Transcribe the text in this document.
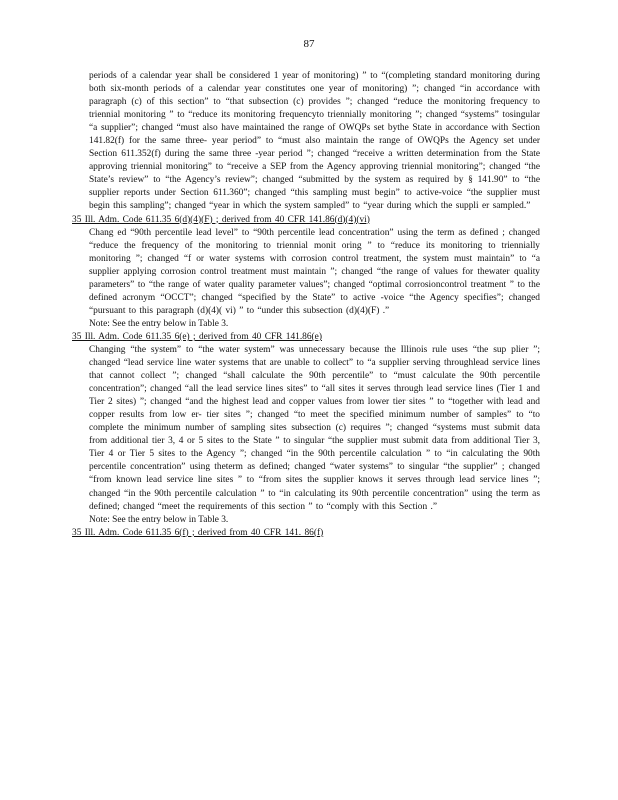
87

periods of a calendar year shall be considered 1 year of monitoring) ” to “(completing standard monitoring during both six-month periods of a calendar year constitutes one year of monitoring) ”; changed “in accordance with paragraph (c) of this section” to “that subsection (c) provides ”; changed “reduce the monitoring frequency to triennial monitoring ” to “reduce its monitoring frequencyto triennially monitoring ”; changed “systems” tosingular “a supplier”; changed “must also have maintained the range of OWQPs set bythe State in accordance with Section 141.82(f) for the same three- year period” to “must also maintain the range of OWQPs the Agency set under Section 611.352(f) during the same three -year period ”; changed “receive a written determination from the State approving triennial monitoring” to “receive a SEP from the Agency approving triennial monitoring”; changed “the State’s review” to “the Agency’s review”; changed “submitted by the system as required by § 141.90” to “the supplier reports under Section 611.360”; changed “this sampling must begin” to active-voice “the supplier must begin this sampling”; changed “year in which the system sampled” to “year during which the suppli er sampled.”

35 Ill. Adm. Code 611.35 6(d)(4)(F) ; derived from 40 CFR 141.86(d)(4)(vi)

Chang ed “90th percentile lead level” to “90th percentile lead concentration” using the term as defined ; changed “reduce the frequency of the monitoring to triennial monit oring ” to “reduce its monitoring to triennially monitoring ”; changed “f or water systems with corrosion control treatment, the system must maintain” to “a supplier applying corrosion control treatment must maintain ”; changed “the range of values for thewater quality parameters” to “the range of water quality parameter values”; changed “optimal corrosioncontrol treatment ” to the defined acronym “OCCT”; changed “specified by the State” to active -voice “the Agency specifies”; changed “pursuant to this paragraph (d)(4)( vi) ” to “under this subsection (d)(4)(F) .”

Note: See the entry below in Table 3.

35 Ill. Adm. Code 611.35 6(e) ; derived from 40 CFR 141.86(e)

Changing “the system” to “the water system” was unnecessary because the Illinois rule uses “the sup plier ”; changed “lead service line water systems that are unable to collect” to “a supplier serving throughlead service lines that cannot collect ”; changed “shall calculate the 90th percentile” to “must calculate the 90th percentile concentration”; changed “all the lead service lines sites” to “all sites it serves through lead service lines (Tier 1 and Tier 2 sites) ”; changed “and the highest lead and copper values from lower tier sites ” to “together with lead and copper results from low er- tier sites ”; changed “to meet the specified minimum number of samples” to “to complete the minimum number of sampling sites subsection (c) requires ”; changed “systems must submit data from additional tier 3, 4 or 5 sites to the State ” to singular “the supplier must submit data from additional Tier 3, Tier 4 or Tier 5 sites to the Agency ”; changed “in the 90th percentile calculation ” to “in calculating the 90th percentile concentration” using theterm as defined; changed “water systems” to singular “the supplier” ; changed “from known lead service line sites ” to “from sites the supplier knows it serves through lead service lines ”; changed “in the 90th percentile calculation ” to “in calculating its 90th percentile concentration” using the term as defined; changed “meet the requirements of this section ” to “comply with this Section .”

Note: See the entry below in Table 3.

35 Ill. Adm. Code 611.35 6(f) ; derived from 40 CFR 141. 86(f)
